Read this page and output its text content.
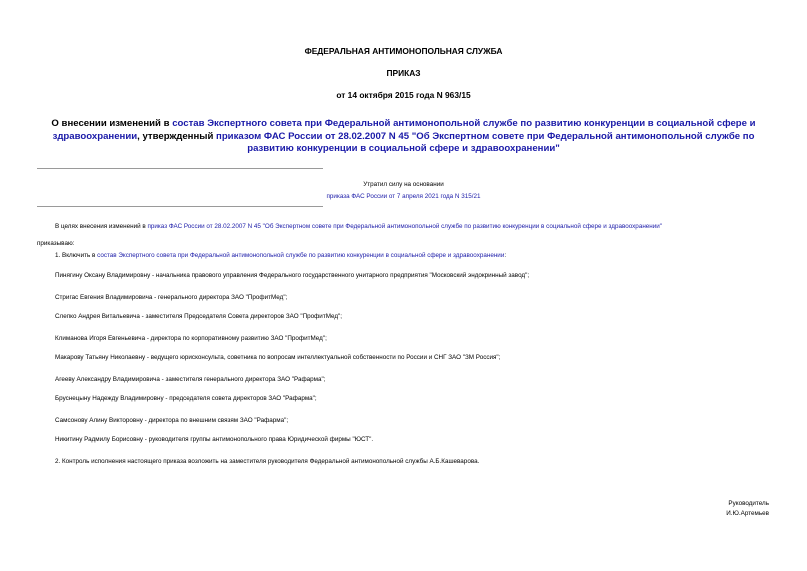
ФЕДЕРАЛЬНАЯ АНТИМОНОПОЛЬНАЯ СЛУЖБА
ПРИКАЗ
от 14 октября 2015 года N 963/15
О внесении изменений в состав Экспертного совета при Федеральной антимонопольной службе по развитию конкуренции в социальной сфере и здравоохранении, утвержденный приказом ФАС России от 28.02.2007 N 45 "Об Экспертном совете при Федеральной антимонопольной службе по развитию конкуренции в социальной сфере и здравоохранении"
Утратил силу на основании
приказа ФАС России от 7 апреля 2021 года N 315/21
В целях внесения изменений в приказ ФАС России от 28.02.2007 N 45 "Об Экспертном совете при Федеральной антимонопольной службе по развитию конкуренции в социальной сфере и здравоохранении"
приказываю:
1. Включить в состав Экспертного совета при Федеральной антимонопольной службе по развитию конкуренции в социальной сфере и здравоохранении:
Пинягину Оксану Владимировну - начальника правового управления Федерального государственного унитарного предприятия "Московский эндокринный завод";
Стригас Евгения Владимировича - генерального директора ЗАО "ПрофитМед";
Слепко Андрея Витальевича - заместителя Председателя Совета директоров ЗАО "ПрофитМед";
Климанова Игоря Евгеньевича - директора по корпоративному развитию ЗАО "ПрофитМед";
Макарову Татьяну Николаевну - ведущего юрисконсульта, советника по вопросам интеллектуальной собственности по России и СНГ ЗАО "ЗМ Россия";
Агееву Александру Владимировича - заместителя генерального директора ЗАО "Рафарма";
Бруснецыну Надежду Владимировну - председателя совета директоров ЗАО "Рафарма";
Самсонову Алину Викторовну - директора по внешним связям ЗАО "Рафарма";
Никитину Радмилу Борисовну - руководителя группы антимонопольного права Юридической фирмы "ЮСТ".
2. Контроль исполнения настоящего приказа возложить на заместителя руководителя Федеральной антимонопольной службы А.Б.Кашеварова.
Руководитель
И.Ю.Артемьев
